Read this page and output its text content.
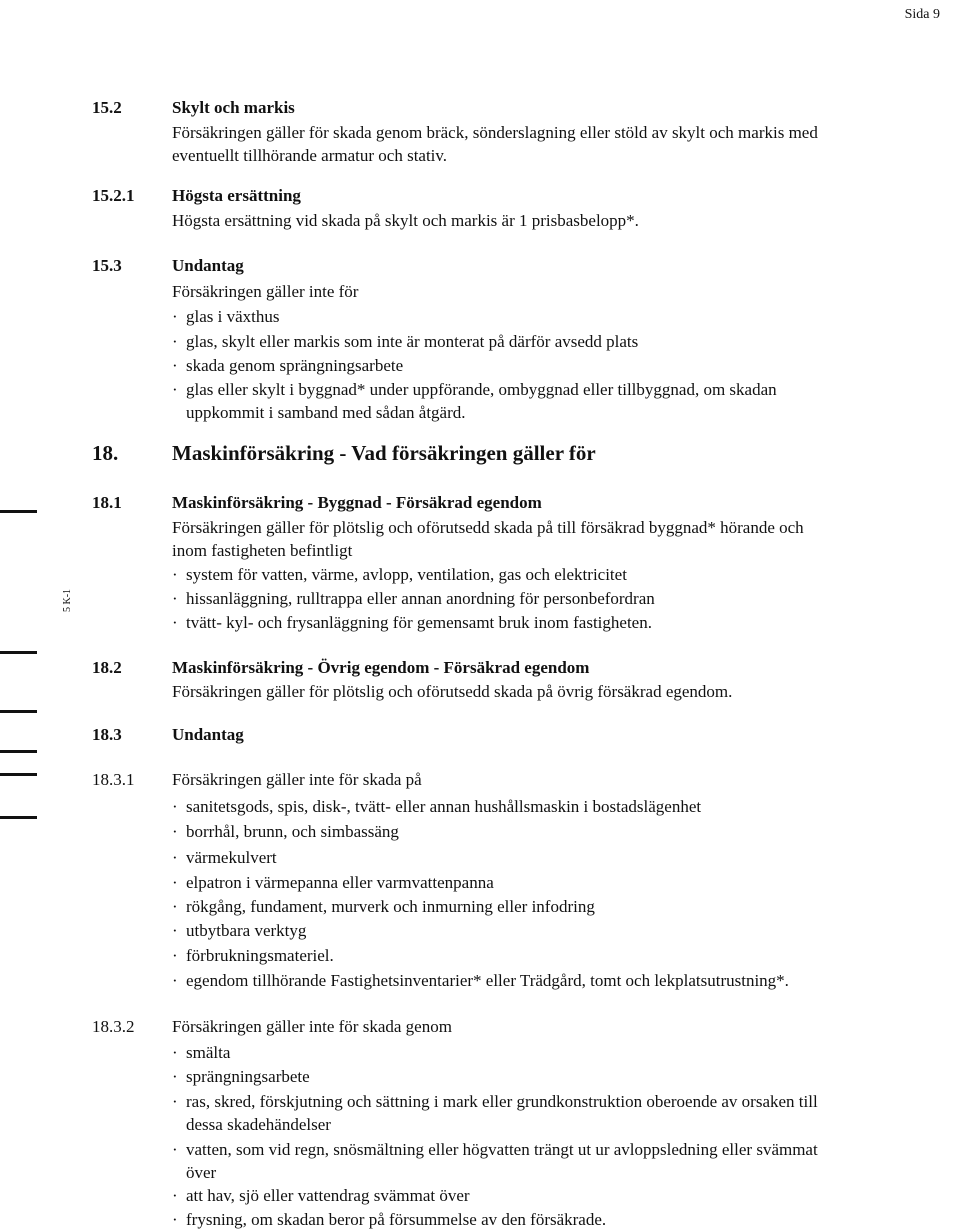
Sida 9
5 K-1
15.2	Skylt och markis
Försäkringen gäller för skada genom bräck, sönderslagning eller stöld av skylt och markis med
eventuellt tillhörande armatur och stativ.
15.2.1 Högsta ersättning
Högsta ersättning vid skada på skylt och markis är 1 prisbasbelopp*.
15.3	Undantag
Försäkringen gäller inte för
· glas i växthus
· glas, skylt eller markis som inte är monterat på därför avsedd plats
· skada genom sprängningsarbete
· glas eller skylt i byggnad* under uppförande, ombyggnad eller tillbyggnad, om skadan
uppkommit i samband med sådan åtgärd.
18.	Maskinförsäkring - Vad försäkringen gäller för
18.1	Maskinförsäkring - Byggnad - Försäkrad egendom
Försäkringen gäller för plötslig och oförutsedd skada på till försäkrad byggnad* hörande och
inom fastigheten befintligt
· system för vatten, värme, avlopp, ventilation, gas och elektricitet
· hissanläggning, rulltrappa eller annan anordning för personbefordran
· tvätt- kyl- och frysanläggning för gemensamt bruk inom fastigheten.
18.2	Maskinförsäkring - Övrig egendom - Försäkrad egendom
Försäkringen gäller för plötslig och oförutsedd skada på övrig försäkrad egendom.
18.3	Undantag
18.3.1 Försäkringen gäller inte för skada på
· sanitetsgods, spis, disk-, tvätt- eller annan hushållsmaskin i bostadslägenhet
· borrhål, brunn, och simbassäng
· värmekulvert
· elpatron i värmepanna eller varmvattenpanna
· rökgång, fundament, murverk och inmurning eller infodring
· utbytbara verktyg
· förbrukningsmateriel.
· egendom tillhörande Fastighetsinventarier* eller Trädgård, tomt och lekplatsutrustning*.
18.3.2 Försäkringen gäller inte för skada genom
· smälta
· sprängningsarbete
· ras, skred, förskjutning och sättning i mark eller grundkonstruktion oberoende av orsaken till
dessa skadehändelser
· vatten, som vid regn, snösmältning eller högvatten trängt ut ur avloppsledning eller svämmat
över
· att hav, sjö eller vattendrag svämmat över
· frysning, om skadan beror på försummelse av den försäkrade.
